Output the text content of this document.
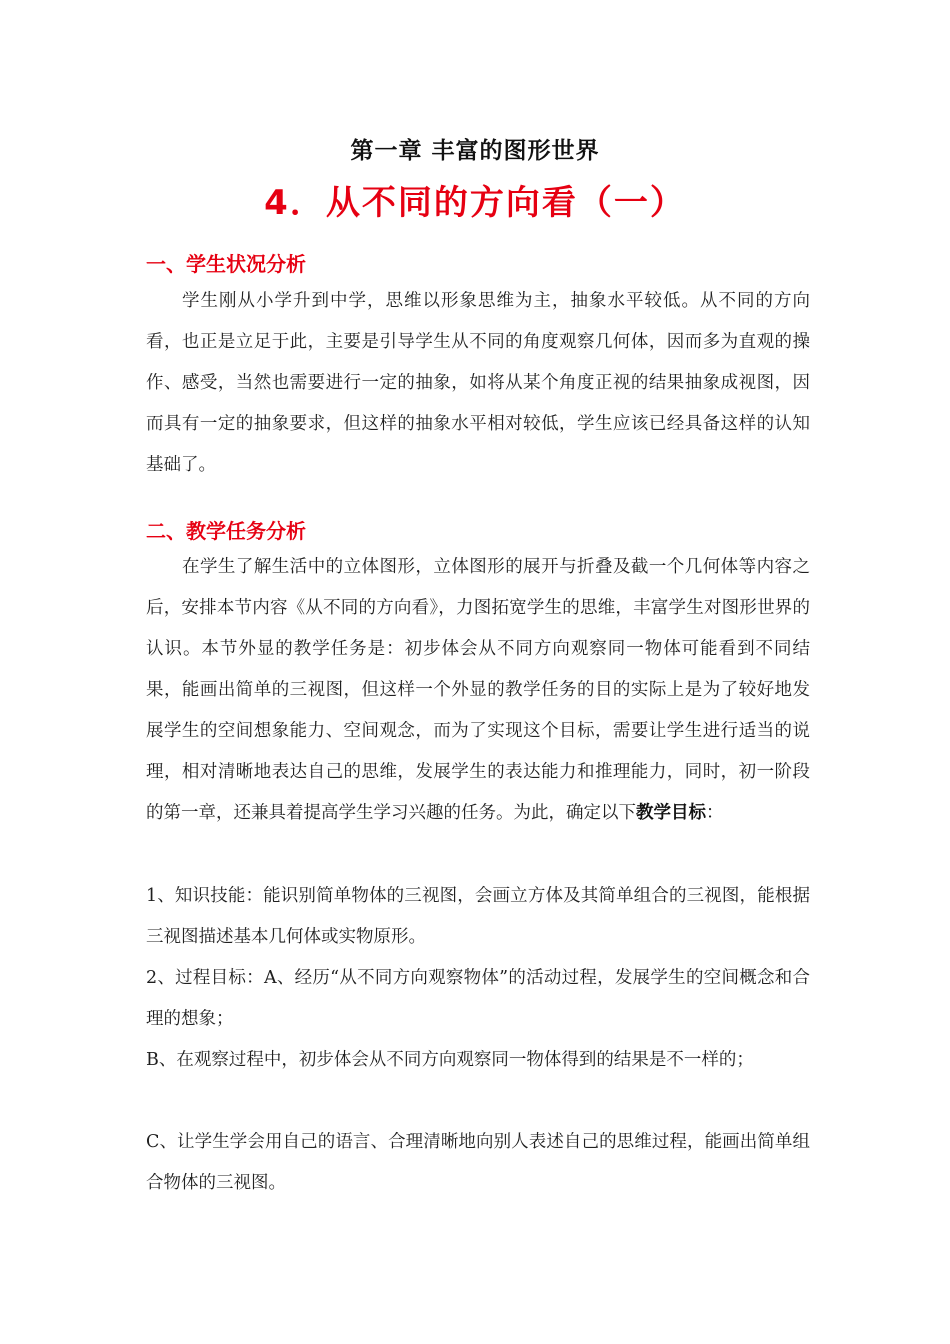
第一章 丰富的图形世界
4．从不同的方向看（一）
一、学生状况分析
学生刚从小学升到中学，思维以形象思维为主，抽象水平较低。从不同的方向看，也正是立足于此，主要是引导学生从不同的角度观察几何体，因而多为直观的操作、感受，当然也需要进行一定的抽象，如将从某个角度正视的结果抽象成视图，因而具有一定的抽象要求，但这样的抽象水平相对较低，学生应该已经具备这样的认知基础了。
二、教学任务分析
在学生了解生活中的立体图形，立体图形的展开与折叠及截一个几何体等内容之后，安排本节内容《从不同的方向看》，力图拓宽学生的思维，丰富学生对图形世界的认识。本节外显的教学任务是：初步体会从不同方向观察同一物体可能看到不同结果，能画出简单的三视图，但这样一个外显的教学任务的目的实际上是为了较好地发展学生的空间想象能力、空间观念，而为了实现这个目标，需要让学生进行适当的说理，相对清晰地表达自己的思维，发展学生的表达能力和推理能力，同时，初一阶段的第一章，还兼具着提高学生学习兴趣的任务。为此，确定以下教学目标：
1、知识技能：能识别简单物体的三视图，会画立方体及其简单组合的三视图，能根据三视图描述基本几何体或实物原形。
2、过程目标：A、经历“从不同方向观察物体”的活动过程，发展学生的空间概念和合理的想象；
B、在观察过程中，初步体会从不同方向观察同一物体得到的结果是不一样的；
C、让学生学会用自己的语言、合理清晰地向别人表述自己的思维过程，能画出简单组合物体的三视图。
